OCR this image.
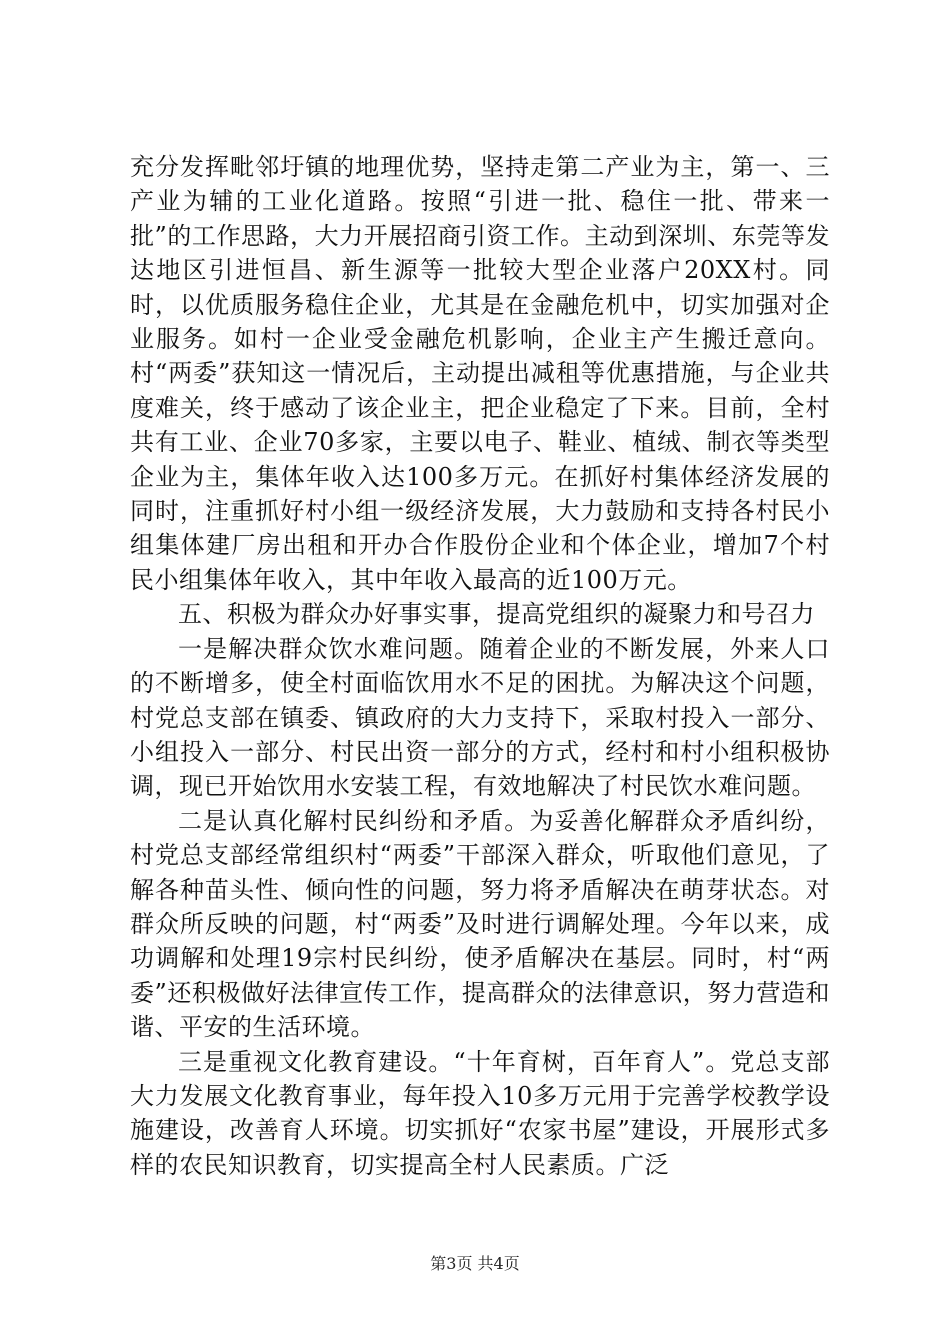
充分发挥毗邻圩镇的地理优势，坚持走第二产业为主，第一、三产业为辅的工业化道路。按照“引进一批、稳住一批、带来一批”的工作思路，大力开展招商引资工作。主动到深圳、东莞等发达地区引进恒昌、新生源等一批较大型企业落户20XX村。同时，以优质服务稳住企业，尤其是在金融危机中，切实加强对企业服务。如村一企业受金融危机影响，企业主产生搬迁意向。村“两委”获知这一情况后，主动提出减租等优惠措施，与企业共度难关，终于感动了该企业主，把企业稳定了下来。目前，全村共有工业、企业70多家，主要以电子、鞋业、植绒、制衣等类型企业为主，集体年收入达100多万元。在抓好村集体经济发展的同时，注重抓好村小组一级经济发展，大力鼓励和支持各村民小组集体建厂房出租和开办合作股份企业和个体企业，增加7个村民小组集体年收入，其中年收入最高的近100万元。

五、积极为群众办好事实事，提高党组织的凝聚力和号召力

一是解决群众饮水难问题。随着企业的不断发展，外来人口的不断增多，使全村面临饮用水不足的困扰。为解决这个问题，村党总支部在镇委、镇政府的大力支持下，采取村投入一部分、小组投入一部分、村民出资一部分的方式，经村和村小组积极协调，现已开始饮用水安装工程，有效地解决了村民饮水难问题。

二是认真化解村民纠纷和矛盾。为妥善化解群众矛盾纠纷，村党总支部经常组织村“两委”干部深入群众，听取他们意见，了解各种苗头性、倾向性的问题，努力将矛盾解决在萌芽状态。对群众所反映的问题，村“两委”及时进行调解处理。今年以来，成功调解和处理19宗村民纠纷，使矛盾解决在基层。同时，村“两委”还积极做好法律宣传工作，提高群众的法律意识，努力营造和谐、平安的生活环境。

三是重视文化教育建设。“十年育树，百年育人”。党总支部大力发展文化教育事业，每年投入10多万元用于完善学校教学设施建设，改善育人环境。切实抓好“农家书屋”建设，开展形式多样的农民知识教育，切实提高全村人民素质。广泛

第3页 共4页
